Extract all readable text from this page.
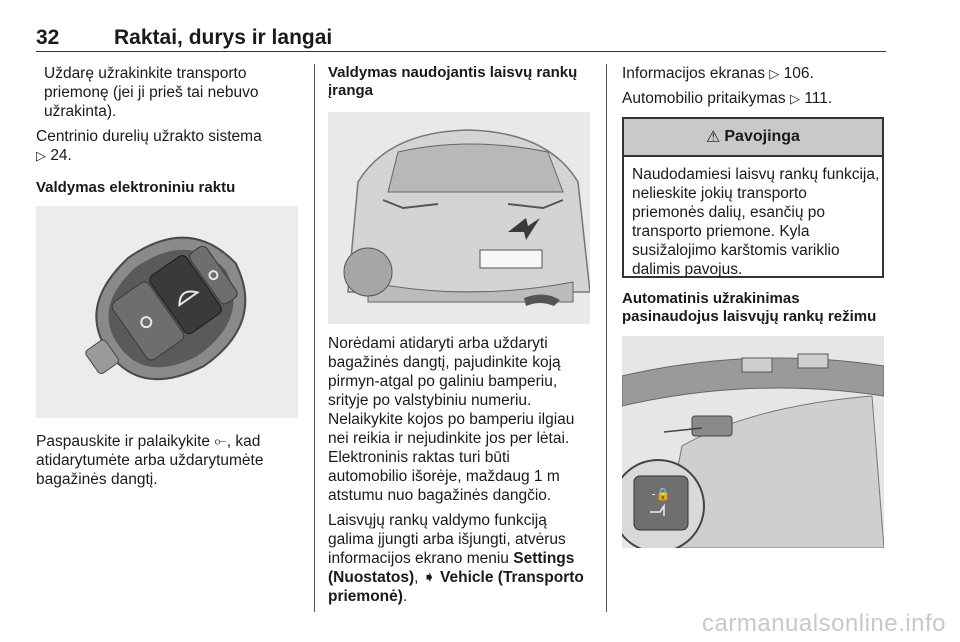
32	Raktai, durys ir langai

Uždarę užrakinkite transporto priemonę (jei ji prieš tai nebuvo užrakinta).

Centrinio durelių užrakto sistema
▷ 24.

Valdymas elektroniniu raktu

Paspauskite ir palaikykite ⟜, kad atidarytumėte arba uždarytumėte bagažinės dangtį.

Valdymas naudojantis laisvų rankų įranga

Norėdami atidaryti arba uždaryti bagažinės dangtį, pajudinkite koją pirmyn-atgal po galiniu bamperiu, srityje po valstybiniu numeriu. Nelaikykite kojos po bamperiu ilgiau nei reikia ir nejudinkite jos per lėtai. Elektroninis raktas turi būti automobilio išorėje, maždaug 1 m atstumu nuo bagažinės dangčio.

Laisvųjų rankų valdymo funkciją galima įjungti arba išjungti, atvėrus informacijos ekrano meniu Settings (Nuostatos), ➧ Vehicle (Transporto priemonė).

Informacijos ekranas ▷ 106.

Automobilio pritaikymas ▷ 111.

⚠ Pavojinga
Naudodamiesi laisvų rankų funkcija, nelieskite jokių transporto priemonės dalių, esančių po transporto priemone. Kyla susižalojimo karštomis variklio dalimis pavojus.

Automatinis užrakinimas pasinaudojus laisvųjų rankų režimu

-🔒
carmanualsonline.info
